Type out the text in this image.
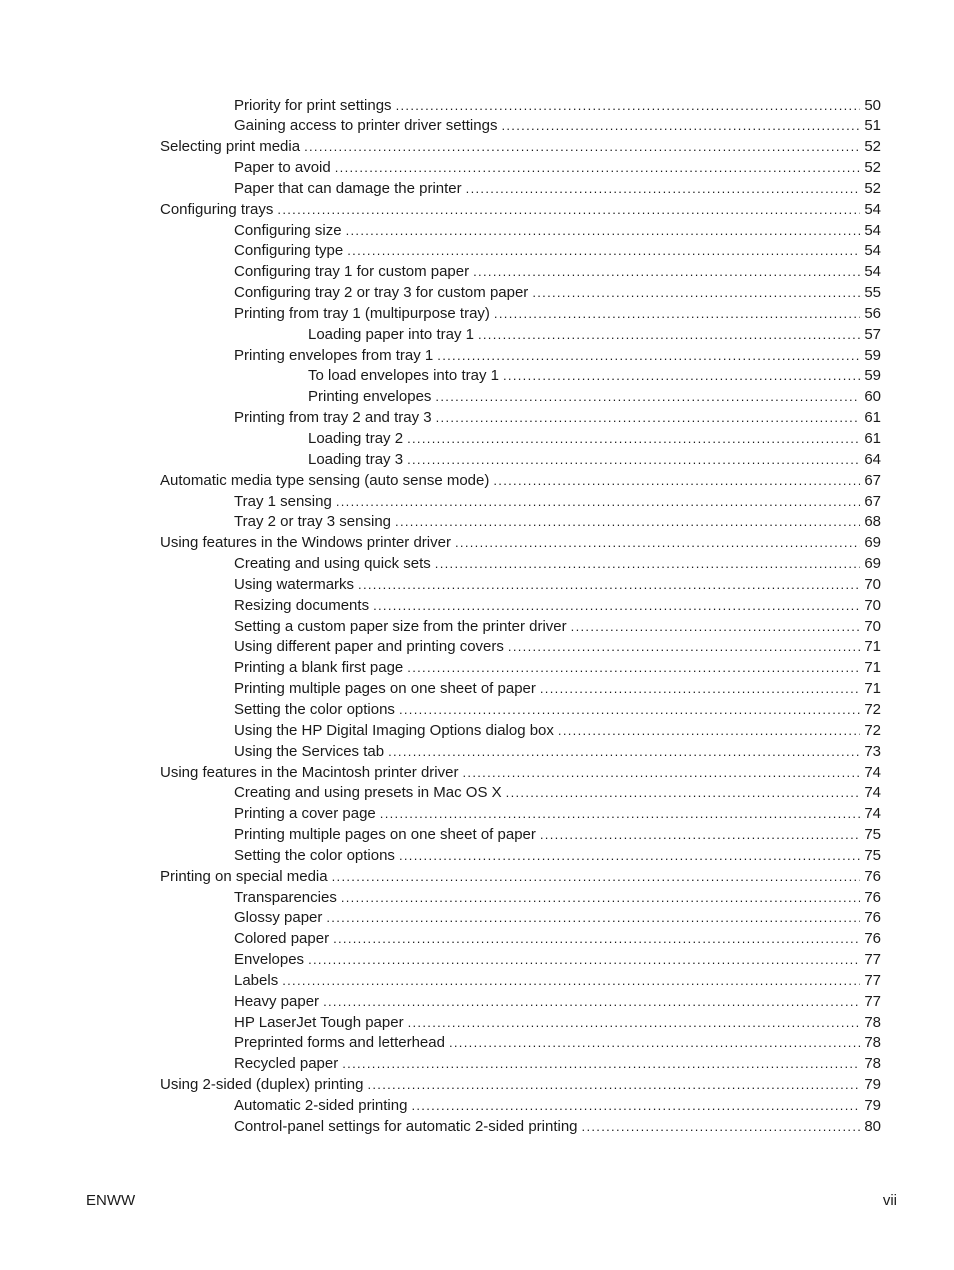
Priority for print settings . . .	50
Gaining access to printer driver settings . . .	51
Selecting print media . . .	52
Paper to avoid . . .	52
Paper that can damage the printer . . .	52
Configuring trays . . .	54
Configuring size . . .	54
Configuring type . . .	54
Configuring tray 1 for custom paper . . .	54
Configuring tray 2 or tray 3 for custom paper . . .	55
Printing from tray 1 (multipurpose tray) . . .	56
Loading paper into tray 1 . . .	57
Printing envelopes from tray 1 . . .	59
To load envelopes into tray 1 . . .	59
Printing envelopes . . .	60
Printing from tray 2 and tray 3 . . .	61
Loading tray 2 . . .	61
Loading tray 3 . . .	64
Automatic media type sensing (auto sense mode) . . .	67
Tray 1 sensing . . .	67
Tray 2 or tray 3 sensing . . .	68
Using features in the Windows printer driver . . .	69
Creating and using quick sets . . .	69
Using watermarks . . .	70
Resizing documents . . .	70
Setting a custom paper size from the printer driver . . .	70
Using different paper and printing covers . . .	71
Printing a blank first page . . .	71
Printing multiple pages on one sheet of paper . . .	71
Setting the color options . . .	72
Using the HP Digital Imaging Options dialog box . . .	72
Using the Services tab . . .	73
Using features in the Macintosh printer driver . . .	74
Creating and using presets in Mac OS X . . .	74
Printing a cover page . . .	74
Printing multiple pages on one sheet of paper . . .	75
Setting the color options . . .	75
Printing on special media . . .	76
Transparencies . . .	76
Glossy paper . . .	76
Colored paper . . .	76
Envelopes . . .	77
Labels . . .	77
Heavy paper . . .	77
HP LaserJet Tough paper . . .	78
Preprinted forms and letterhead . . .	78
Recycled paper . . .	78
Using 2-sided (duplex) printing . . .	79
Automatic 2-sided printing . . .	79
Control-panel settings for automatic 2-sided printing . . .	80
ENWW	vii
